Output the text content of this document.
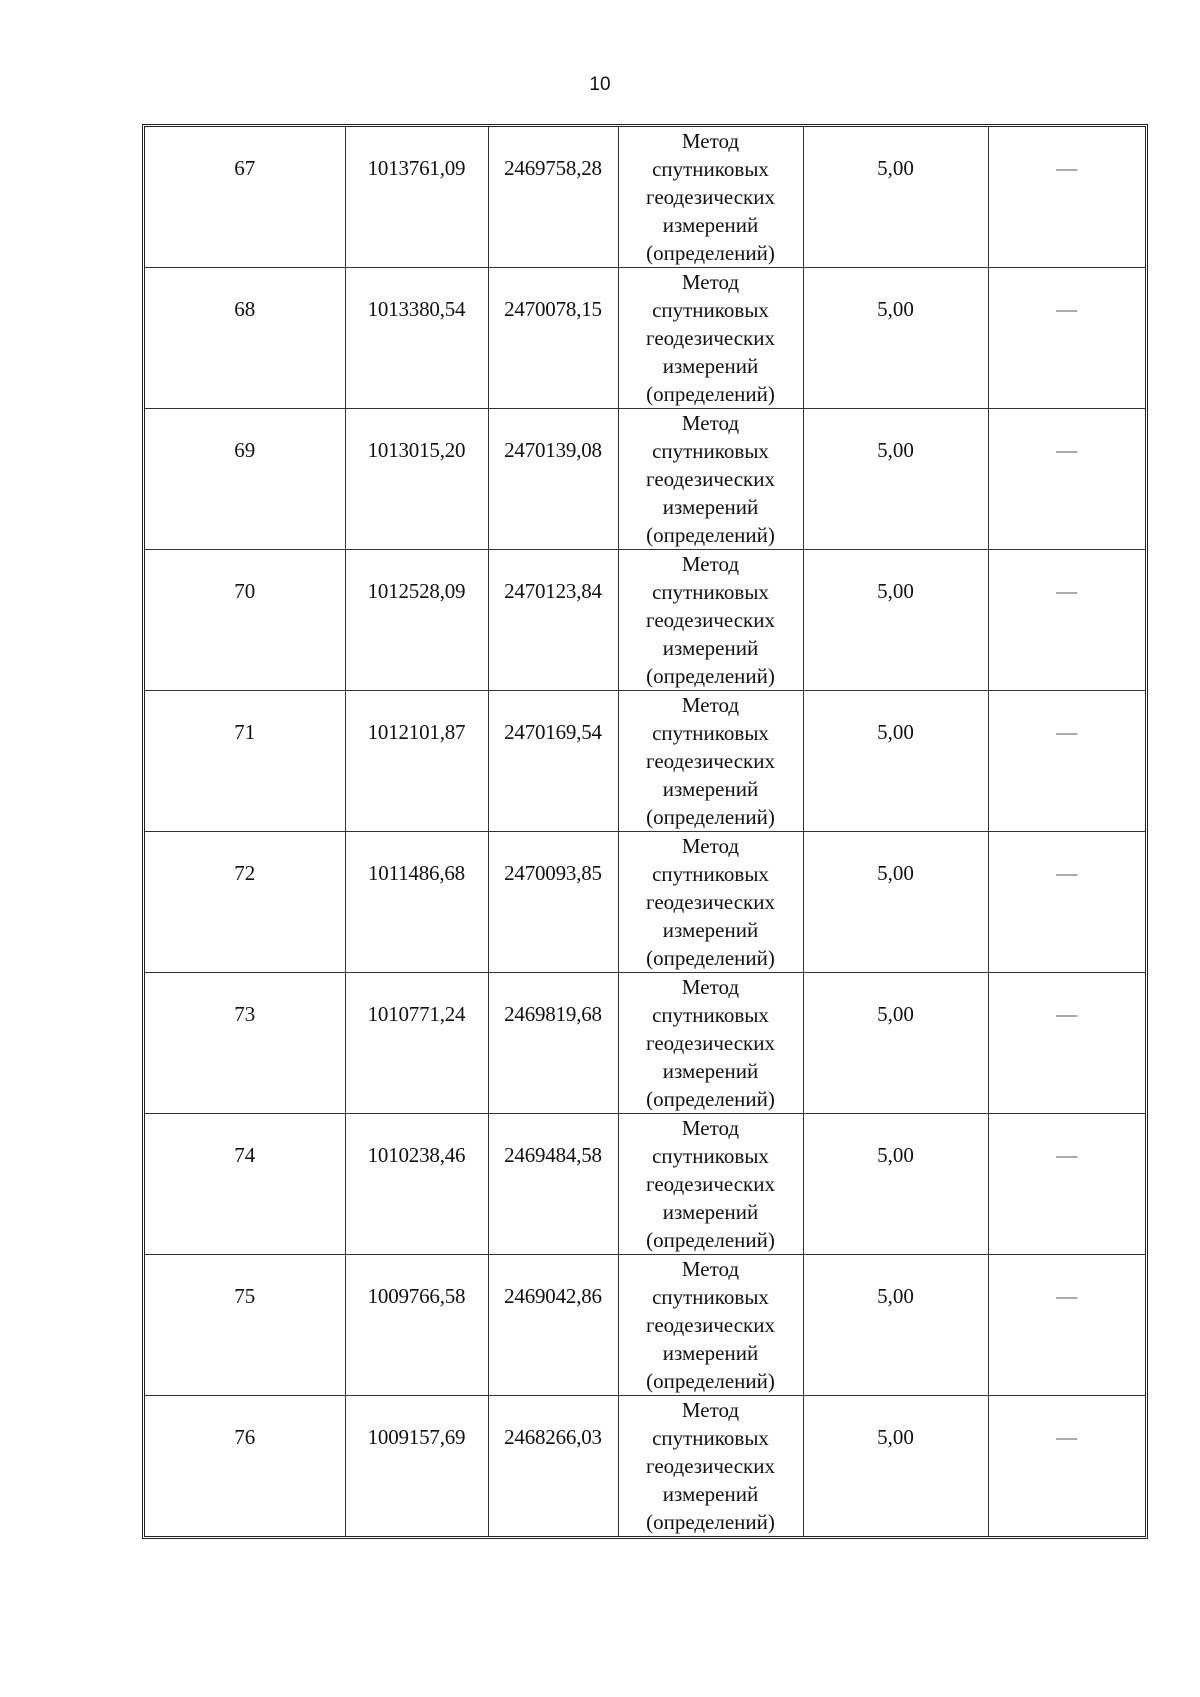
10
67	1013761,09	2469758,28	Метод
спутниковых
геодезических
измерений
(определений)	5,00	—
68	1013380,54	2470078,15	Метод
спутниковых
геодезических
измерений
(определений)	5,00	—
69	1013015,20	2470139,08	Метод
спутниковых
геодезических
измерений
(определений)	5,00	—
70	1012528,09	2470123,84	Метод
спутниковых
геодезических
измерений
(определений)	5,00	—
71	1012101,87	2470169,54	Метод
спутниковых
геодезических
измерений
(определений)	5,00	—
72	1011486,68	2470093,85	Метод
спутниковых
геодезических
измерений
(определений)	5,00	—
73	1010771,24	2469819,68	Метод
спутниковых
геодезических
измерений
(определений)	5,00	—
74	1010238,46	2469484,58	Метод
спутниковых
геодезических
измерений
(определений)	5,00	—
75	1009766,58	2469042,86	Метод
спутниковых
геодезических
измерений
(определений)	5,00	—
76	1009157,69	2468266,03	Метод
спутниковых
геодезических
измерений
(определений)	5,00	—
